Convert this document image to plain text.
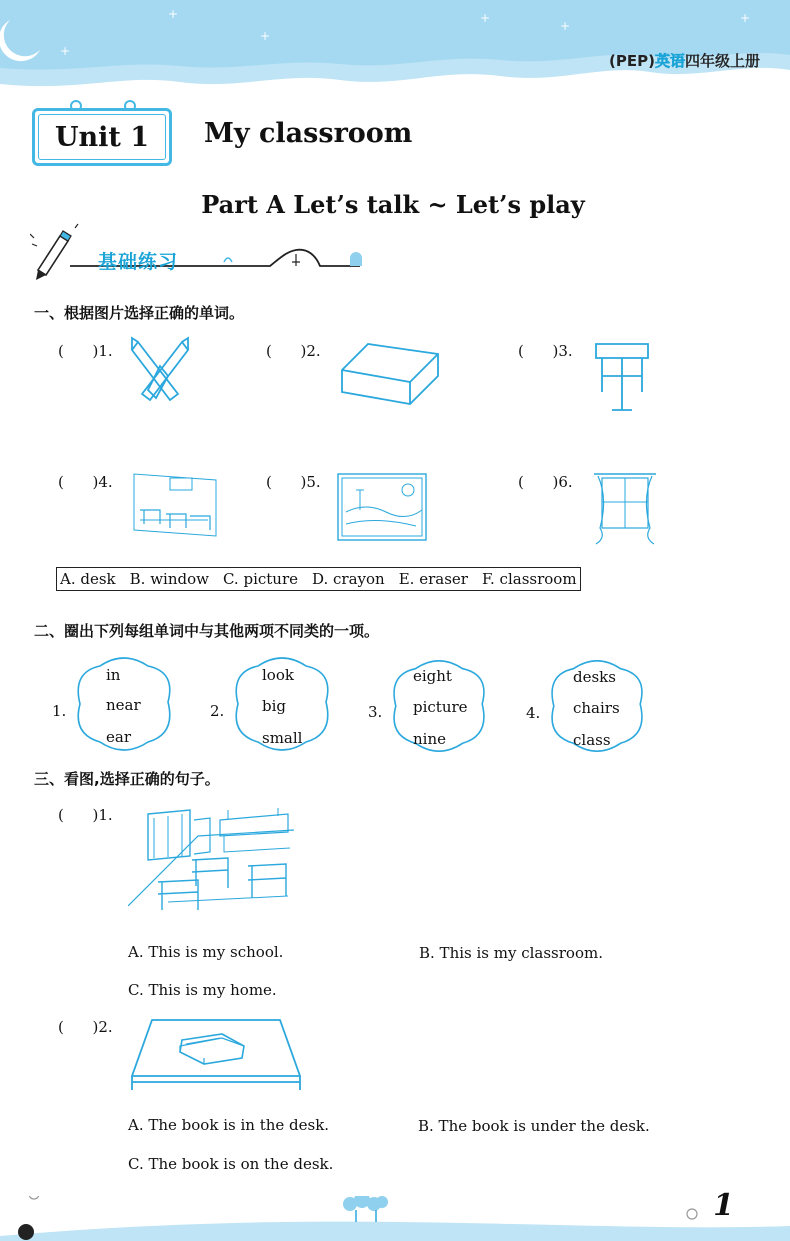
+
+
+
+
+
+
(PEP)英语四年级上册
Unit 1 My classroom
Part A Let’s talk ~ Let’s play
基础练习
一、根据图片选择正确的单词。
(      )1.	(      )2.	(      )3.
(      )4.	(      )5.	(      )6.
A. desk B. window C. picture D. crayon E. eraser F. classroom
二、圈出下列每组单词中与其他两项不同类的一项。
1.
in
near
ear
2.
look
big
small
3.
eight
picture
nine
4.
desks
chairs
class
三、看图,选择正确的句子。
(      )1.
A. This is my school.	B. This is my classroom.
C. This is my home.
(      )2.
A. The book is in the desk.	B. The book is under the desk.
C. The book is on the desk.
1
